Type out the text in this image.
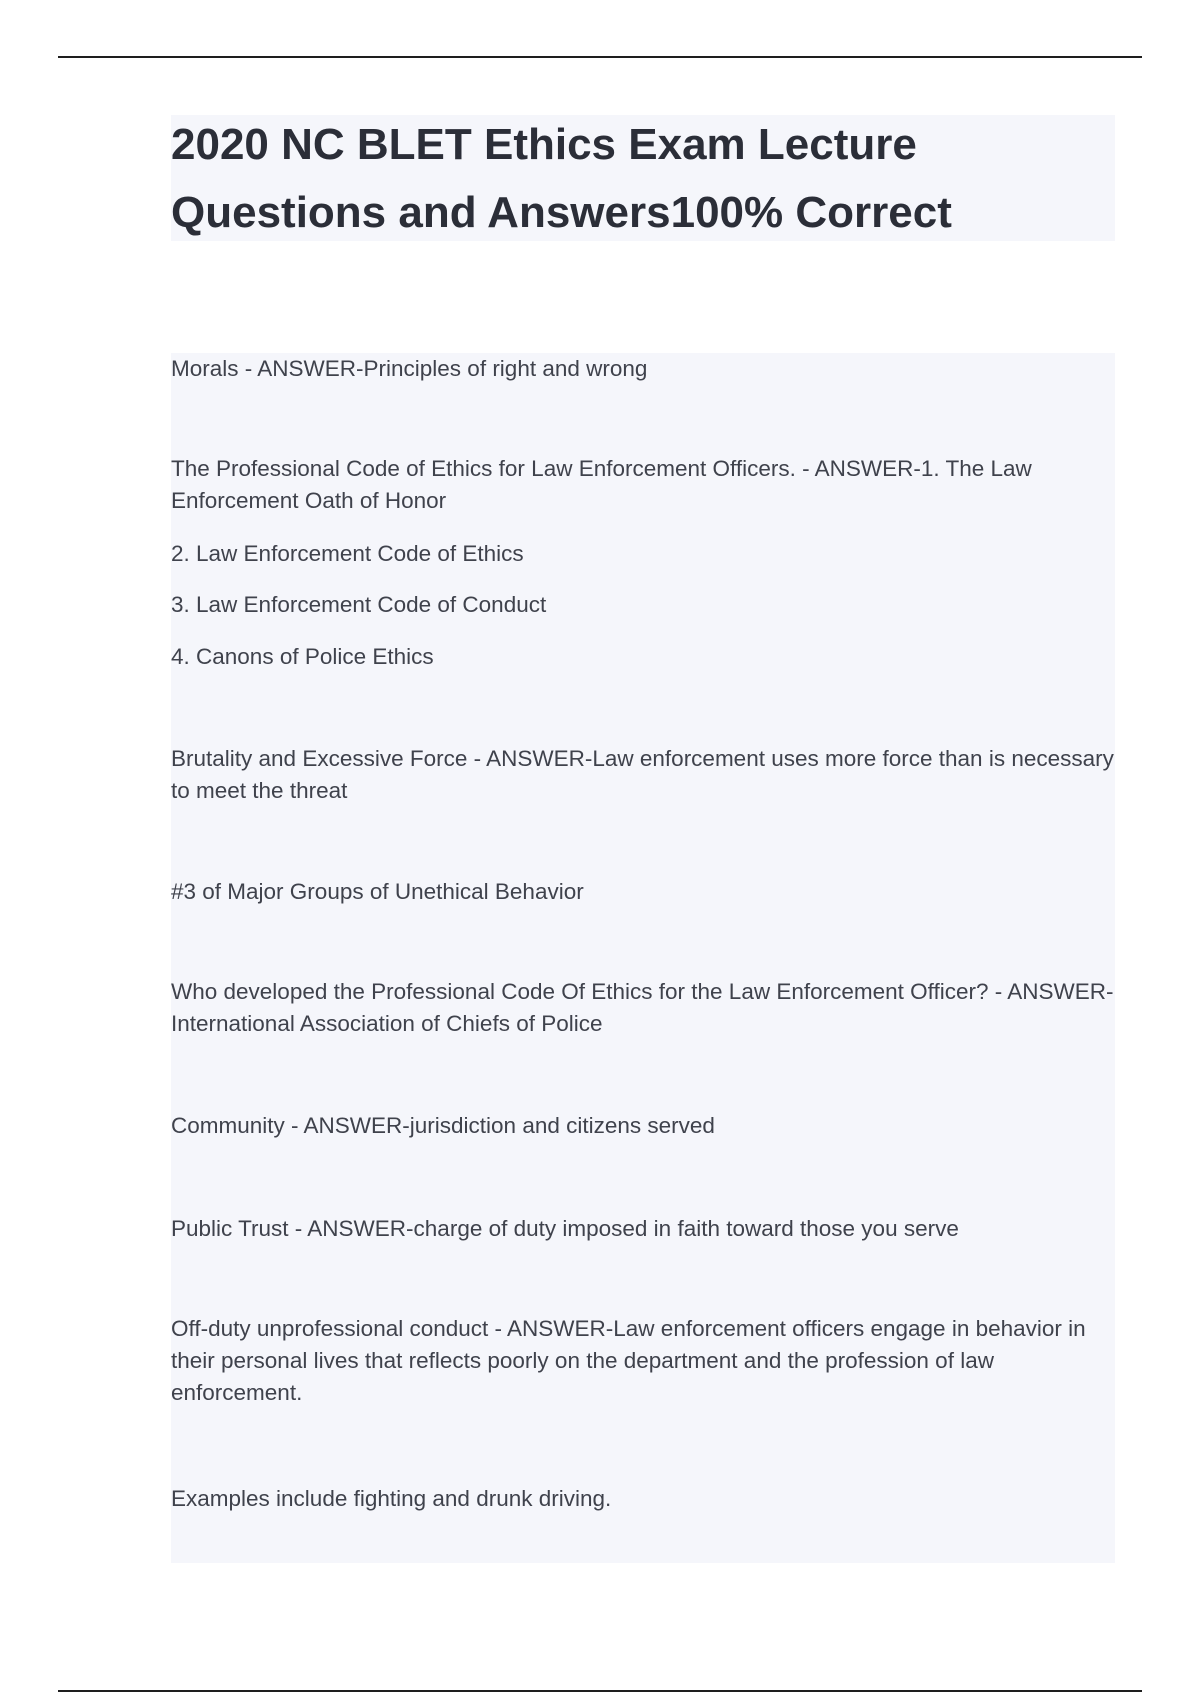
2020 NC BLET Ethics Exam Lecture Questions and Answers100% Correct

Morals - ANSWER-Principles of right and wrong

The Professional Code of Ethics for Law Enforcement Officers. - ANSWER-1. The Law Enforcement Oath of Honor

2. Law Enforcement Code of Ethics

3. Law Enforcement Code of Conduct

4. Canons of Police Ethics

Brutality and Excessive Force - ANSWER-Law enforcement uses more force than is necessary to meet the threat

#3 of Major Groups of Unethical Behavior

Who developed the Professional Code Of Ethics for the Law Enforcement Officer? - ANSWER-International Association of Chiefs of Police

Community - ANSWER-jurisdiction and citizens served

Public Trust - ANSWER-charge of duty imposed in faith toward those you serve

Off-duty unprofessional conduct - ANSWER-Law enforcement officers engage in behavior in their personal lives that reflects poorly on the department and the profession of law enforcement.

Examples include fighting and drunk driving.
